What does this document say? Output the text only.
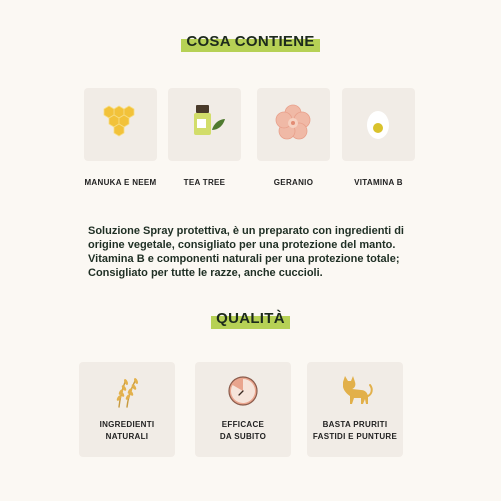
COSA CONTIENE
MANUKA E NEEM	TEA TREE	GERANIO	VITAMINA B

Soluzione Spray protettiva, è un preparato con ingredienti di origine vegetale, consigliato per una protezione del manto. Vitamina B e componenti naturali per una protezione totale; Consigliato per tutte le razze, anche cuccioli.

QUALITÀ
INGREDIENTI
NATURALI
EFFICACE
DA SUBITO
BASTA PRURITI
FASTIDI E PUNTURE
